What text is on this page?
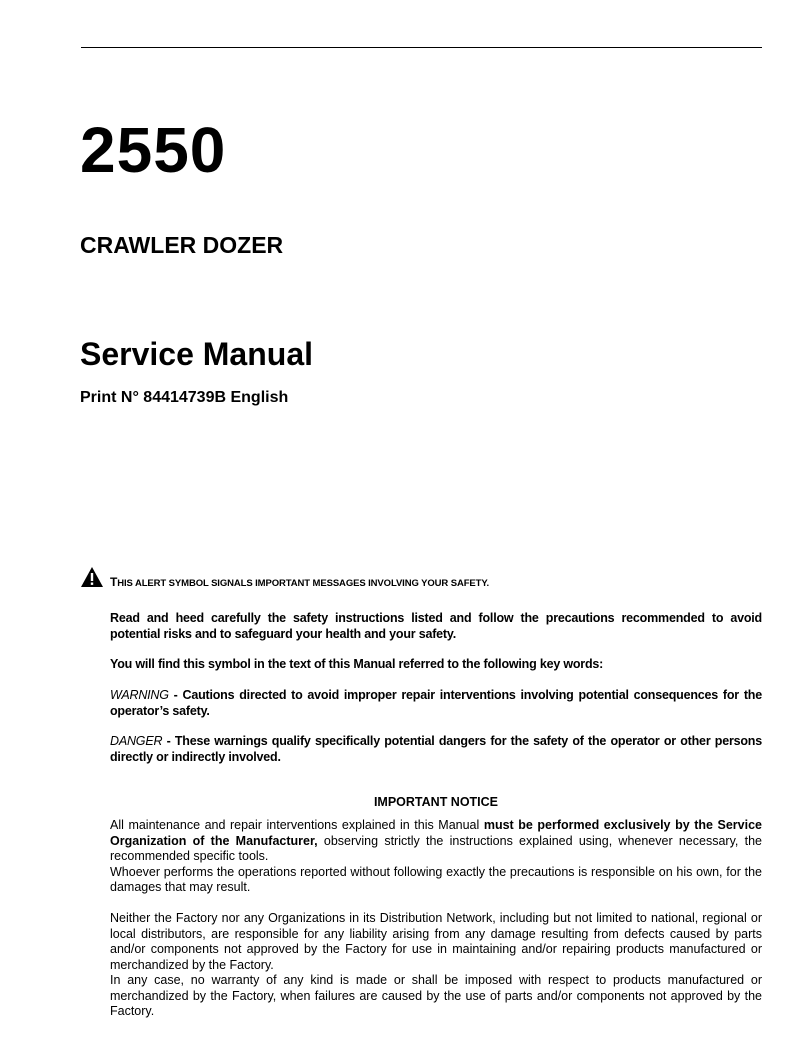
2550
CRAWLER DOZER
Service Manual
Print N° 84414739B English
THIS ALERT SYMBOL SIGNALS IMPORTANT MESSAGES INVOLVING YOUR SAFETY.
Read and heed carefully the safety instructions listed and follow the precautions recommended to avoid potential risks and to safeguard your health and your safety.
You will find this symbol in the text of this Manual referred to the following key words:
WARNING - Cautions directed to avoid improper repair interventions involving potential consequences for the operator’s safety.
DANGER - These warnings qualify specifically potential dangers for the safety of the operator or other persons directly or indirectly involved.
IMPORTANT NOTICE

All maintenance and repair interventions explained in this Manual must be performed exclusively by the Service Organization of the Manufacturer, observing strictly the instructions explained using, whenever necessary, the recommended specific tools.

Whoever performs the operations reported without following exactly the precautions is responsible on his own, for the damages that may result.

Neither the Factory nor any Organizations in its Distribution Network, including but not limited to national, regional or local distributors, are responsible for any liability arising from any damage resulting from defects caused by parts and/or components not approved by the Factory for use in maintaining and/or repairing products manufactured or merchandized by the Factory.

In any case, no warranty of any kind is made or shall be imposed with respect to products manufactured or merchandized by the Factory, when failures are caused by the use of parts and/or components not approved by the Factory.
